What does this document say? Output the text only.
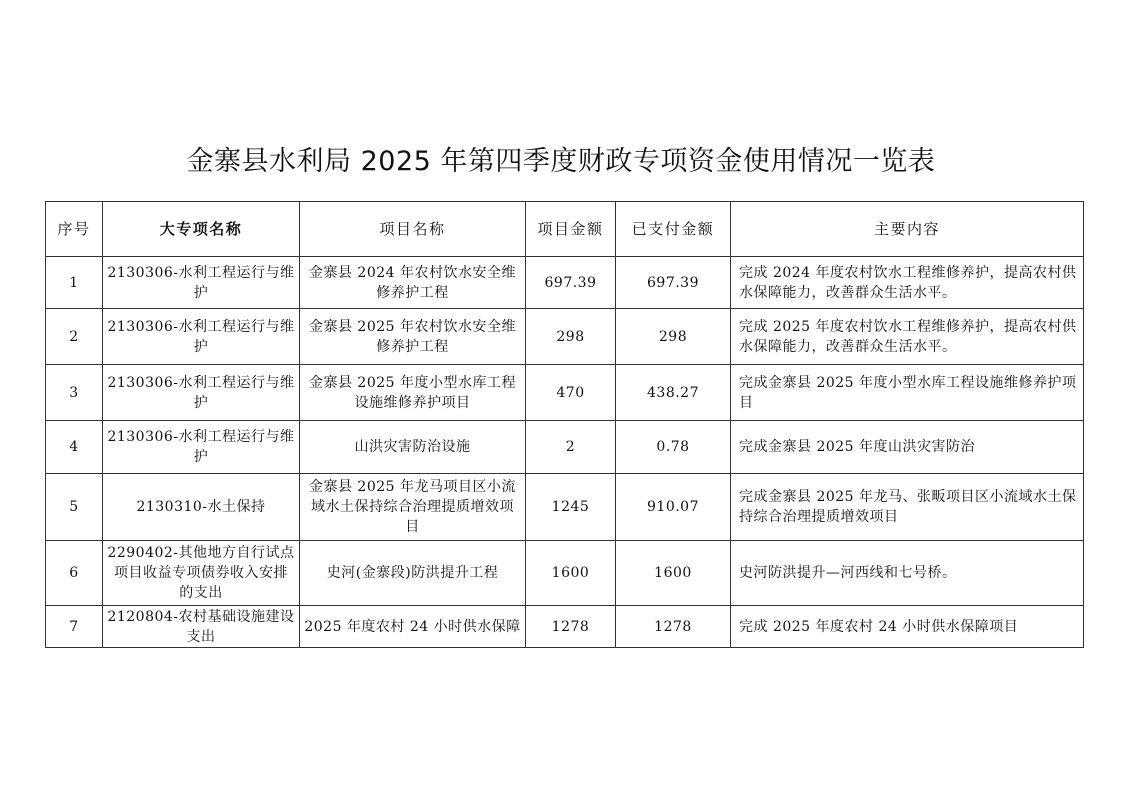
金寨县水利局 2025 年第四季度财政专项资金使用情况一览表
序号	大专项名称	项目名称	项目金额	已支付金额	主要内容
1	2130306-水利工程运行与维护	金寨县 2024 年农村饮水安全维修养护工程	697.39	697.39	完成 2024 年度农村饮水工程维修养护，提高农村供水保障能力，改善群众生活水平。
2	2130306-水利工程运行与维护	金寨县 2025 年农村饮水安全维修养护工程	298	298	完成 2025 年度农村饮水工程维修养护，提高农村供水保障能力，改善群众生活水平。
3	2130306-水利工程运行与维护	金寨县 2025 年度小型水库工程设施维修养护项目	470	438.27	完成金寨县 2025 年度小型水库工程设施维修养护项目
4	2130306-水利工程运行与维护	山洪灾害防治设施	2	0.78	完成金寨县 2025 年度山洪灾害防治
5	2130310-水土保持	金寨县 2025 年龙马项目区小流域水土保持综合治理提质增效项目	1245	910.07	完成金寨县 2025 年龙马、张畈项目区小流域水土保持综合治理提质增效项目
6	2290402-其他地方自行试点项目收益专项债券收入安排的支出	史河(金寨段)防洪提升工程	1600	1600	史河防洪提升—河西线和七号桥。
7	2120804-农村基础设施建设支出	2025 年度农村 24 小时供水保障	1278	1278	完成 2025 年度农村 24 小时供水保障项目
